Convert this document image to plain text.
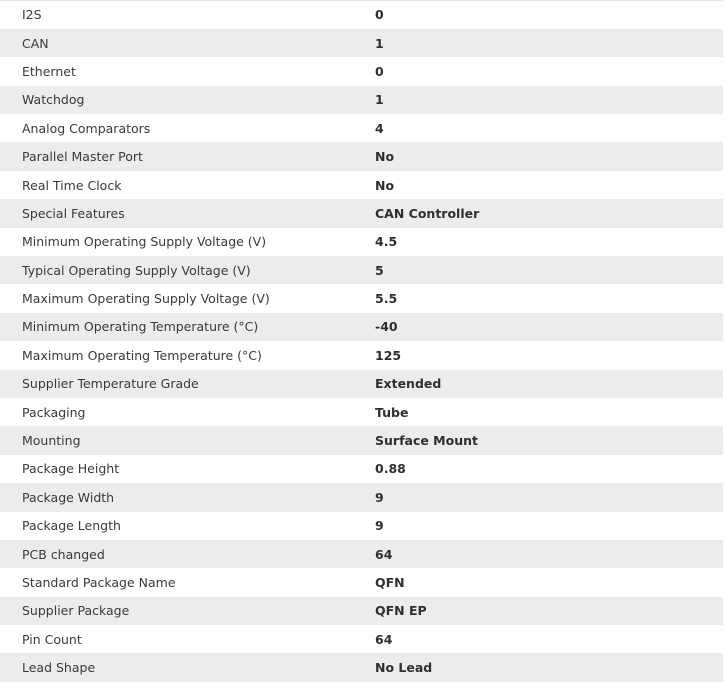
I2S	0
CAN	1
Ethernet	0
Watchdog	1
Analog Comparators	4
Parallel Master Port	No
Real Time Clock	No
Special Features	CAN Controller
Minimum Operating Supply Voltage (V)	4.5
Typical Operating Supply Voltage (V)	5
Maximum Operating Supply Voltage (V)	5.5
Minimum Operating Temperature (°C)	-40
Maximum Operating Temperature (°C)	125
Supplier Temperature Grade	Extended
Packaging	Tube
Mounting	Surface Mount
Package Height	0.88
Package Width	9
Package Length	9
PCB changed	64
Standard Package Name	QFN
Supplier Package	QFN EP
Pin Count	64
Lead Shape	No Lead
